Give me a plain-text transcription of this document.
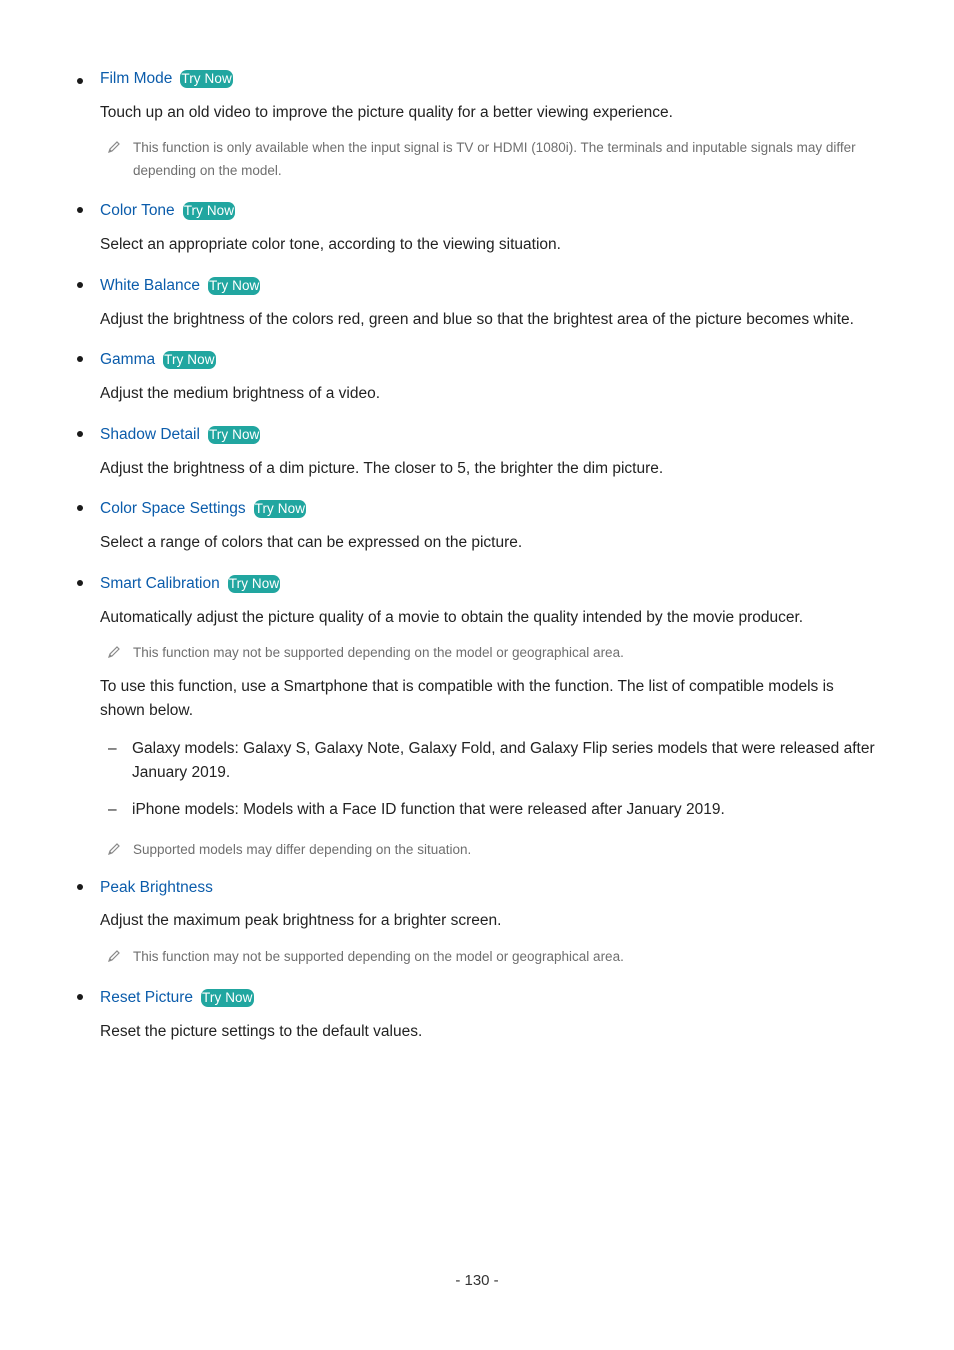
Film Mode Try Now
Touch up an old video to improve the picture quality for a better viewing experience.
This function is only available when the input signal is TV or HDMI (1080i). The terminals and inputable signals may differ depending on the model.
Color Tone Try Now
Select an appropriate color tone, according to the viewing situation.
White Balance Try Now
Adjust the brightness of the colors red, green and blue so that the brightest area of the picture becomes white.
Gamma Try Now
Adjust the medium brightness of a video.
Shadow Detail Try Now
Adjust the brightness of a dim picture. The closer to 5, the brighter the dim picture.
Color Space Settings Try Now
Select a range of colors that can be expressed on the picture.
Smart Calibration Try Now
Automatically adjust the picture quality of a movie to obtain the quality intended by the movie producer.
This function may not be supported depending on the model or geographical area.
To use this function, use a Smartphone that is compatible with the function. The list of compatible models is shown below.
– Galaxy models: Galaxy S, Galaxy Note, Galaxy Fold, and Galaxy Flip series models that were released after January 2019.
– iPhone models: Models with a Face ID function that were released after January 2019.
Supported models may differ depending on the situation.
Peak Brightness
Adjust the maximum peak brightness for a brighter screen.
This function may not be supported depending on the model or geographical area.
Reset Picture Try Now
Reset the picture settings to the default values.
- 130 -
